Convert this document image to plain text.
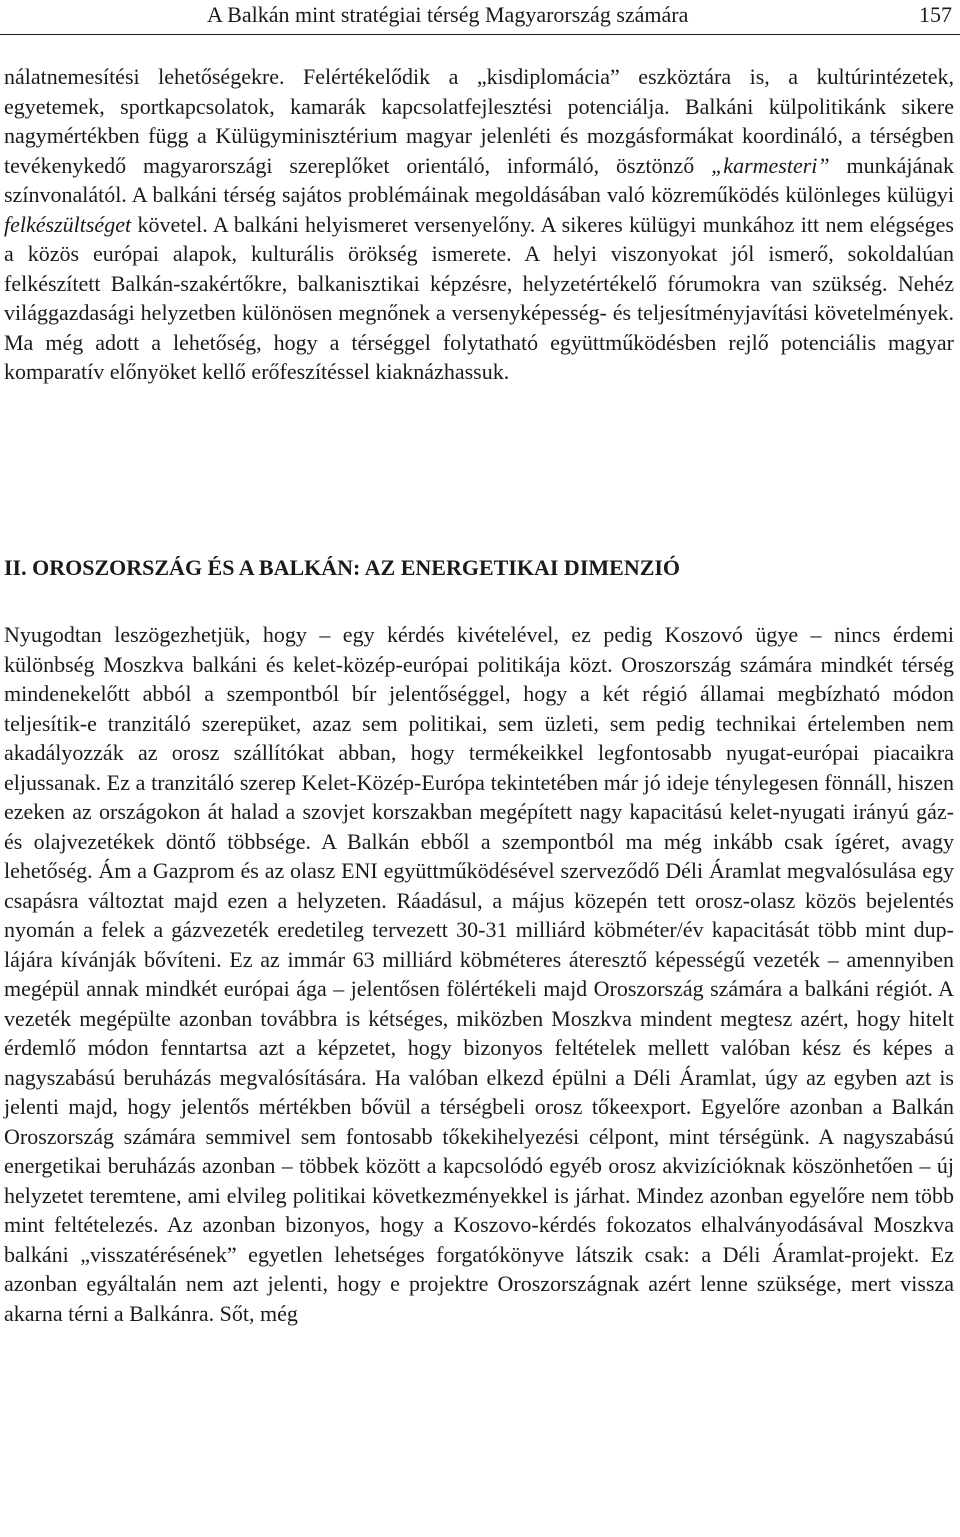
A Balkán mint stratégiai térség Magyarország számára	157

nálatnemesítési lehetőségekre. Felértékelődik a „kisdiplomácia” eszköztára is, a kultúrintézetek, egyetemek, sportkapcsolatok, kamarák kapcsolatfejlesztési potenciálja. Balkáni külpolitikánk sikere nagymértékben függ a Külügyminisztérium magyar jelenléti és mozgásformákat koordináló, a térségben tevékenykedő magyarországi szereplőket orientáló, informáló, ösztönző „karmesteri” munkájának színvonalától. A balkáni térség sajátos problémáinak megoldásában való közreműködés különleges külügyi felkészültséget követel. A balkáni helyismeret versenyelőny. A sikeres külügyi munkához itt nem elégséges a közös európai alapok, kulturális örökség ismerete. A helyi viszonyokat jól ismerő, sokoldalúan felkészített Balkán-szakértőkre, balkanisztikai képzésre, helyzetértékelő fórumokra van szükség. Nehéz világgazdasági helyzetben különösen megnőnek a versenyképesség- és teljesítményjavítási követelmények. Ma még adott a lehetőség, hogy a térséggel folytatható együttműködésben rejlő potenciális magyar komparatív előnyöket kellő erőfeszítéssel kiaknázhassuk.

II. OROSZORSZÁG ÉS A BALKÁN: AZ ENERGETIKAI DIMENZIÓ

Nyugodtan leszögezhetjük, hogy – egy kérdés kivételével, ez pedig Koszovó ügye – nincs érdemi különbség Moszkva balkáni és kelet-közép-európai politikája közt. Oroszország számára mindkét térség mindenekelőtt abból a szempontból bír jelentőséggel, hogy a két régió államai megbízható módon teljesítik-e tranzitáló szerepüket, azaz sem politikai, sem üzleti, sem pedig technikai értelemben nem akadályozzák az orosz szállítókat abban, hogy termékeikkel legfontosabb nyugat-európai piacaikra eljussanak. Ez a tranzitáló szerep Kelet-Közép-Európa tekintetében már jó ideje ténylegesen fönnáll, hiszen ezeken az országokon át halad a szovjet korszakban megépített nagy kapacitású kelet-nyugati irányú gáz- és olajvezetékek döntő többsége. A Balkán ebből a szempontból ma még inkább csak ígéret, avagy lehetőség. Ám a Gazprom és az olasz ENI együttműködésével szerveződő Déli Áramlat megvalósulása egy csapásra változtat majd ezen a helyzeten. Ráadásul, a május közepén tett orosz-olasz közös bejelentés nyomán a felek a gázvezeték eredetileg tervezett 30-31 milliárd köbméter/év kapacitását több mint duplájára kívánják bővíteni. Ez az immár 63 milliárd köbméteres áteresztő képességű vezeték – amennyiben megépül annak mindkét európai ága – jelentősen fölértékeli majd Oroszország számára a balkáni régiót. A vezeték megépülte azonban továbbra is kétséges, miközben Moszkva mindent megtesz azért, hogy hitelt érdemlő módon fenntartsa azt a képzetet, hogy bizonyos feltételek mellett valóban kész és képes a nagyszabású beruházás megvalósítására. Ha valóban elkezd épülni a Déli Áramlat, úgy az egyben azt is jelenti majd, hogy jelentős mértékben bővül a térségbeli orosz tőkeexport. Egyelőre azonban a Balkán Oroszország számára semmivel sem fontosabb tőkekihelyezési célpont, mint térségünk. A nagyszabású energetikai beruházás azonban – többek között a kapcsolódó egyéb orosz akvizícióknak köszönhetően – új helyzetet teremtene, ami elvileg politikai következményekkel is járhat. Mindez azonban egyelőre nem több mint feltételezés. Az azonban bizonyos, hogy a Koszovo-kérdés fokozatos elhalványodásával Moszkva balkáni „visszatérésének” egyetlen lehetséges forgatókönyve látszik csak: a Déli Áramlat-projekt. Ez azonban egyáltalán nem azt jelenti, hogy e projektre Oroszországnak azért lenne szüksége, mert vissza akarna térni a Balkánra. Sőt, még
